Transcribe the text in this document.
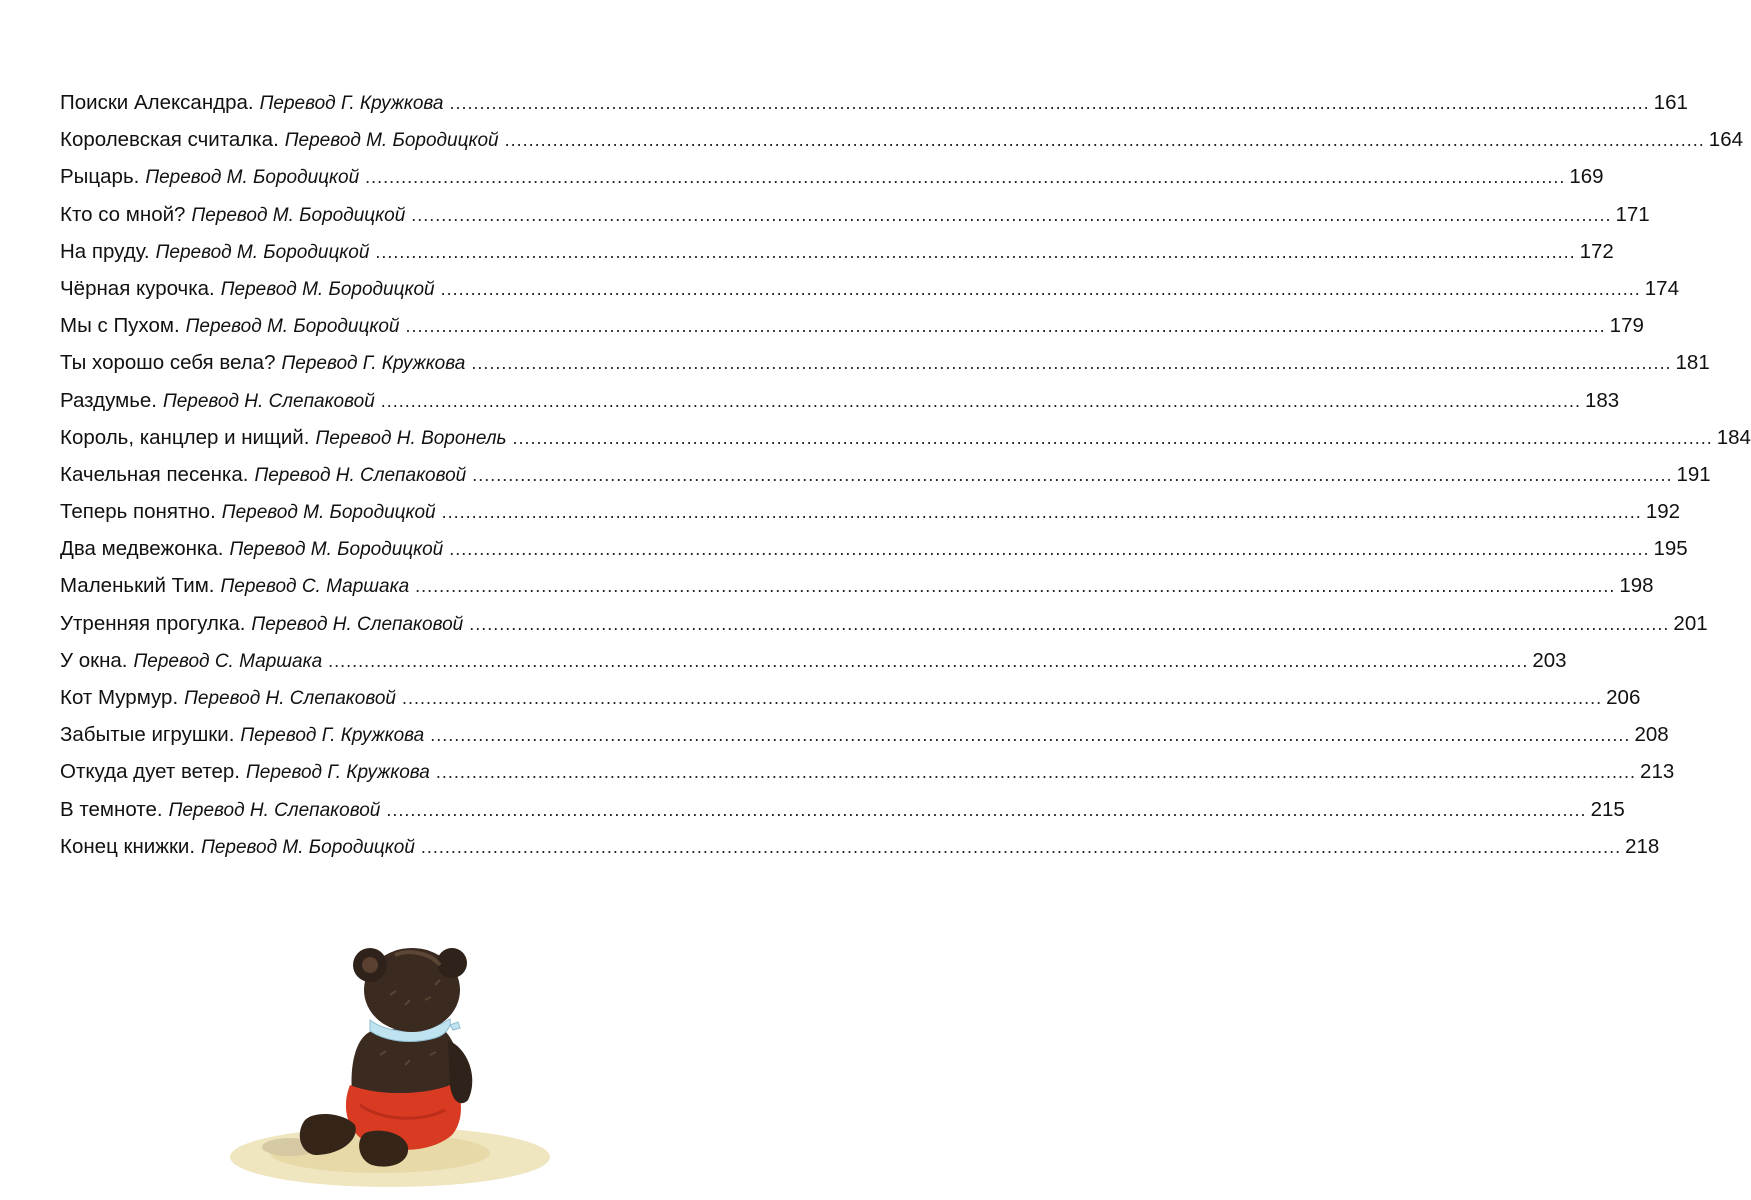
Поиски Александра. Перевод Г. Кружкова ........................................................................................................................................................................................................ 161
Королевская считалка. Перевод М. Бородицкой ........................................................................................................................................................................................................ 164
Рыцарь. Перевод М. Бородицкой ........................................................................................................................................................................................................ 169
Кто со мной? Перевод М. Бородицкой ........................................................................................................................................................................................................ 171
На пруду. Перевод М. Бородицкой ........................................................................................................................................................................................................ 172
Чёрная курочка. Перевод М. Бородицкой ........................................................................................................................................................................................................ 174
Мы с Пухом. Перевод М. Бородицкой ........................................................................................................................................................................................................ 179
Ты хорошо себя вела? Перевод Г. Кружкова ........................................................................................................................................................................................................ 181
Раздумье. Перевод Н. Слепаковой ........................................................................................................................................................................................................ 183
Король, канцлер и нищий. Перевод Н. Воронель ........................................................................................................................................................................................................ 184
Качельная песенка. Перевод Н. Слепаковой ........................................................................................................................................................................................................ 191
Теперь понятно. Перевод М. Бородицкой ........................................................................................................................................................................................................ 192
Два медвежонка. Перевод М. Бородицкой ........................................................................................................................................................................................................ 195
Маленький Тим. Перевод С. Маршака ........................................................................................................................................................................................................ 198
Утренняя прогулка. Перевод Н. Слепаковой ........................................................................................................................................................................................................ 201
У окна. Перевод С. Маршака ........................................................................................................................................................................................................ 203
Кот Мурмур. Перевод Н. Слепаковой ........................................................................................................................................................................................................ 206
Забытые игрушки. Перевод Г. Кружкова ........................................................................................................................................................................................................ 208
Откуда дует ветер. Перевод Г. Кружкова ........................................................................................................................................................................................................ 213
В темноте. Перевод Н. Слепаковой ........................................................................................................................................................................................................ 215
Конец книжки. Перевод М. Бородицкой ........................................................................................................................................................................................................ 218
